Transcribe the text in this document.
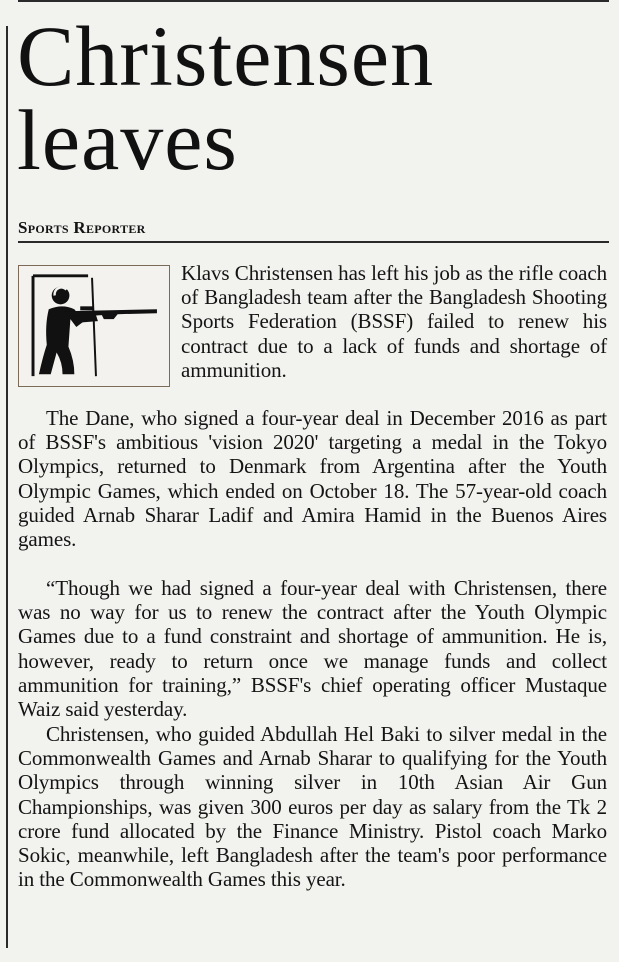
Christensen leaves
Sports Reporter

Klavs Christensen has left his job as the rifle coach of Bangladesh team after the Bangladesh Shooting Sports Federation (BSSF) failed to renew his contract due to a lack of funds and shortage of ammunition.

The Dane, who signed a four-year deal in December 2016 as part of BSSF's ambitious 'vision 2020' targeting a medal in the Tokyo Olympics, returned to Denmark from Argentina after the Youth Olympic Games, which ended on October 18. The 57-year-old coach guided Arnab Sharar Ladif and Amira Hamid in the Buenos Aires games.

“Though we had signed a four-year deal with Christensen, there was no way for us to renew the contract after the Youth Olympic Games due to a fund constraint and shortage of ammunition. He is, however, ready to return once we manage funds and collect ammunition for training,” BSSF's chief operating officer Mustaque Waiz said yesterday.

Christensen, who guided Abdullah Hel Baki to silver medal in the Commonwealth Games and Arnab Sharar to qualifying for the Youth Olympics through winning silver in 10th Asian Air Gun Championships, was given 300 euros per day as salary from the Tk 2 crore fund allocated by the Finance Ministry. Pistol coach Marko Sokic, meanwhile, left Bangladesh after the team's poor performance in the Commonwealth Games this year.
